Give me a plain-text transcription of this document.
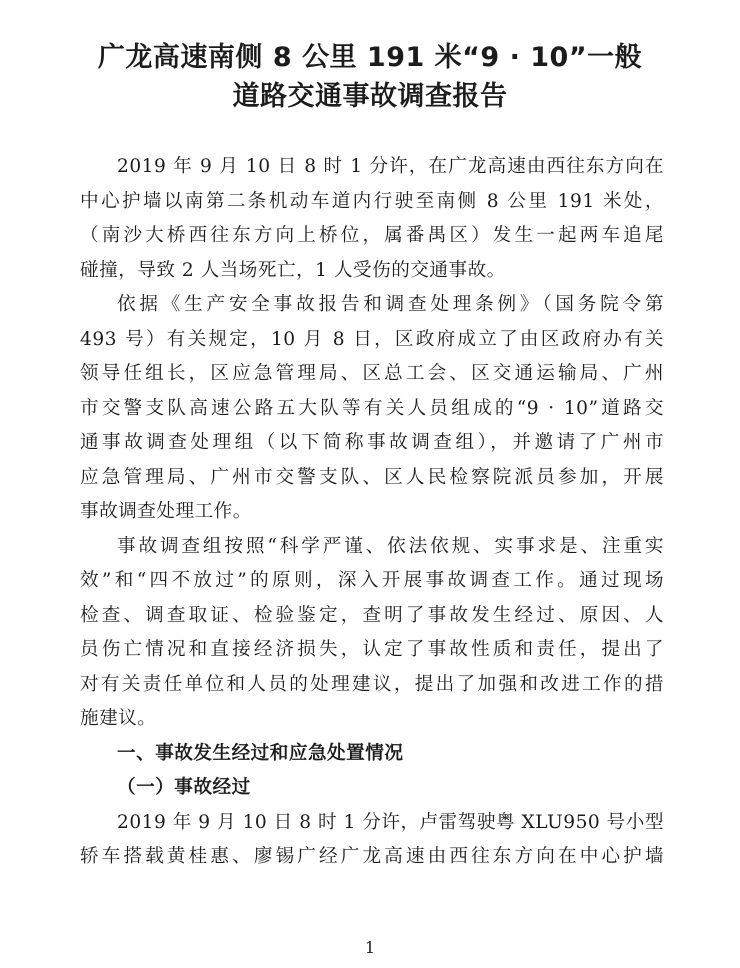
广龙高速南侧 8 公里 191 米“9 · 10”一般
道路交通事故调查报告
2019 年 9 月 10 日 8 时 1 分许，在广龙高速由西往东方向在
中心护墙以南第二条机动车道内行驶至南侧 8 公里 191 米处，
（南沙大桥西往东方向上桥位，属番禺区）发生一起两车追尾
碰撞，导致 2 人当场死亡，1 人受伤的交通事故。
依据《生产安全事故报告和调查处理条例》（国务院令第
493 号）有关规定，10 月 8 日，区政府成立了由区政府办有关
领导任组长，区应急管理局、区总工会、区交通运输局、广州
市交警支队高速公路五大队等有关人员组成的“9 · 10”道路交
通事故调查处理组（以下简称事故调查组），并邀请了广州市
应急管理局、广州市交警支队、区人民检察院派员参加，开展
事故调查处理工作。
事故调查组按照“科学严谨、依法依规、实事求是、注重实
效”和“四不放过”的原则，深入开展事故调查工作。通过现场
检查、调查取证、检验鉴定，查明了事故发生经过、原因、人
员伤亡情况和直接经济损失，认定了事故性质和责任，提出了
对有关责任单位和人员的处理建议，提出了加强和改进工作的措
施建议。
一、事故发生经过和应急处置情况
（一）事故经过
2019 年 9 月 10 日 8 时 1 分许，卢雷驾驶粤 XLU950 号小型
轿车搭载黄桂惠、廖锡广经广龙高速由西往东方向在中心护墙
1
